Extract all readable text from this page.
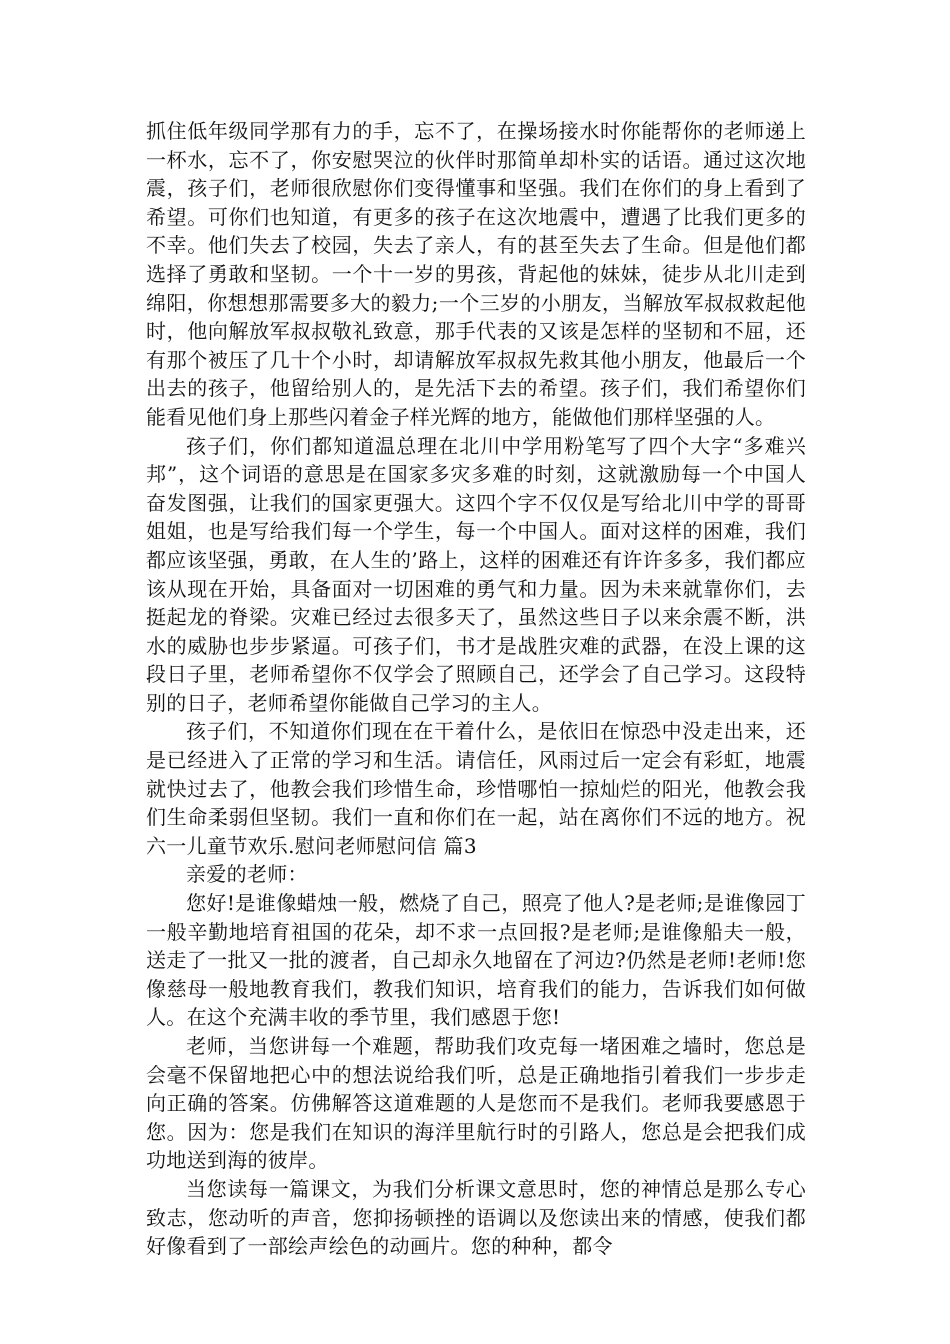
抓住低年级同学那有力的手，忘不了，在操场接水时你能帮你的老师递上一杯水，忘不了，你安慰哭泣的伙伴时那简单却朴实的话语。通过这次地震，孩子们，老师很欣慰你们变得懂事和坚强。我们在你们的身上看到了希望。可你们也知道，有更多的孩子在这次地震中，遭遇了比我们更多的不幸。他们失去了校园，失去了亲人，有的甚至失去了生命。但是他们都选择了勇敢和坚韧。一个十一岁的男孩，背起他的妹妹，徒步从北川走到绵阳，你想想那需要多大的毅力;一个三岁的小朋友，当解放军叔叔救起他时，他向解放军叔叔敬礼致意，那手代表的又该是怎样的坚韧和不屈，还有那个被压了几十个小时，却请解放军叔叔先救其他小朋友，他最后一个出去的孩子，他留给别人的，是先活下去的希望。孩子们，我们希望你们能看见他们身上那些闪着金子样光辉的地方，能做他们那样坚强的人。

孩子们，你们都知道温总理在北川中学用粉笔写了四个大字“多难兴邦”，这个词语的意思是在国家多灾多难的时刻，这就激励每一个中国人奋发图强，让我们的国家更强大。这四个字不仅仅是写给北川中学的哥哥姐姐，也是写给我们每一个学生，每一个中国人。面对这样的困难，我们都应该坚强，勇敢，在人生的’路上，这样的困难还有许许多多，我们都应该从现在开始，具备面对一切困难的勇气和力量。因为未来就靠你们，去挺起龙的脊梁。灾难已经过去很多天了，虽然这些日子以来余震不断，洪水的威胁也步步紧逼。可孩子们，书才是战胜灾难的武器，在没上课的这段日子里，老师希望你不仅学会了照顾自己，还学会了自己学习。这段特别的日子，老师希望你能做自己学习的主人。

孩子们，不知道你们现在在干着什么，是依旧在惊恐中没走出来，还是已经进入了正常的学习和生活。请信任，风雨过后一定会有彩虹，地震就快过去了，他教会我们珍惜生命，珍惜哪怕一掠灿烂的阳光，他教会我们生命柔弱但坚韧。我们一直和你们在一起，站在离你们不远的地方。祝六一儿童节欢乐.慰问老师慰问信 篇3

亲爱的老师：

您好!是谁像蜡烛一般，燃烧了自己，照亮了他人?是老师;是谁像园丁一般辛勤地培育祖国的花朵，却不求一点回报?是老师;是谁像船夫一般，送走了一批又一批的渡者，自己却永久地留在了河边?仍然是老师!老师!您像慈母一般地教育我们，教我们知识，培育我们的能力，告诉我们如何做人。在这个充满丰收的季节里，我们感恩于您!

老师，当您讲每一个难题，帮助我们攻克每一堵困难之墙时，您总是会毫不保留地把心中的想法说给我们听，总是正确地指引着我们一步步走向正确的答案。仿佛解答这道难题的人是您而不是我们。老师我要感恩于您。因为：您是我们在知识的海洋里航行时的引路人，您总是会把我们成功地送到海的彼岸。

当您读每一篇课文，为我们分析课文意思时，您的神情总是那么专心致志，您动听的声音，您抑扬顿挫的语调以及您读出来的情感，使我们都好像看到了一部绘声绘色的动画片。您的种种，都令
